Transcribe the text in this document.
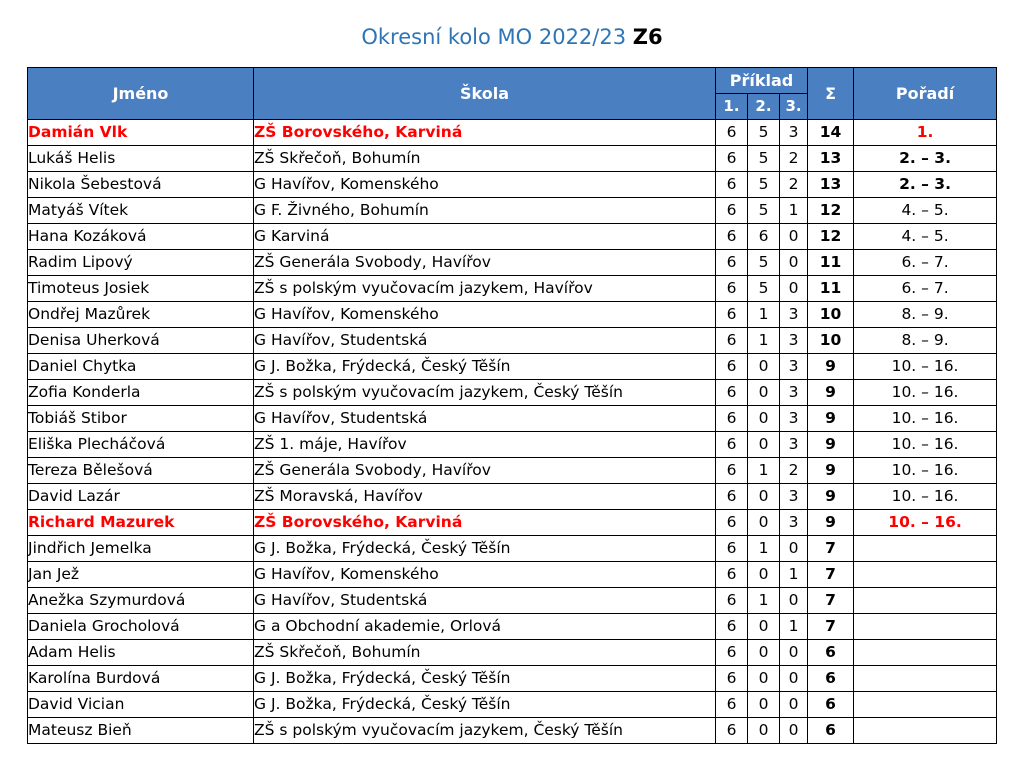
Okresní kolo MO 2022/23 Z6
Jméno	Škola	Příklad			Σ	Pořadí
		1.	2.	3.		
Damián Vlk	ZŠ Borovského, Karviná	6	5	3	14	1.
Lukáš Helis	ZŠ Skřečoň, Bohumín	6	5	2	13	2. – 3.
Nikola Šebestová	G Havířov, Komenského	6	5	2	13	2. – 3.
Matyáš Vítek	G F. Živného, Bohumín	6	5	1	12	4. – 5.
Hana Kozáková	G Karviná	6	6	0	12	4. – 5.
Radim Lipový	ZŠ Generála Svobody, Havířov	6	5	0	11	6. – 7.
Timoteus Josiek	ZŠ s polským vyučovacím jazykem, Havířov	6	5	0	11	6. – 7.
Ondřej Mazůrek	G Havířov, Komenského	6	1	3	10	8. – 9.
Denisa Uherková	G Havířov, Studentská	6	1	3	10	8. – 9.
Daniel Chytka	G J. Božka, Frýdecká, Český Těšín	6	0	3	9	10. – 16.
Zofia Konderla	ZŠ s polským vyučovacím jazykem, Český Těšín	6	0	3	9	10. – 16.
Tobiáš Stibor	G Havířov, Studentská	6	0	3	9	10. – 16.
Eliška Plecháčová	ZŠ 1. máje, Havířov	6	0	3	9	10. – 16.
Tereza Bělešová	ZŠ Generála Svobody, Havířov	6	1	2	9	10. – 16.
David Lazár	ZŠ Moravská, Havířov	6	0	3	9	10. – 16.
Richard Mazurek	ZŠ Borovského, Karviná	6	0	3	9	10. – 16.
Jindřich Jemelka	G J. Božka, Frýdecká, Český Těšín	6	1	0	7	
Jan Jež	G Havířov, Komenského	6	0	1	7	
Anežka Szymurdová	G Havířov, Studentská	6	1	0	7	
Daniela Grocholová	G a Obchodní akademie, Orlová	6	0	1	7	
Adam Helis	ZŠ Skřečoň, Bohumín	6	0	0	6	
Karolína Burdová	G J. Božka, Frýdecká, Český Těšín	6	0	0	6	
David Vician	G J. Božka, Frýdecká, Český Těšín	6	0	0	6	
Mateusz Bieň	ZŠ s polským vyučovacím jazykem, Český Těšín	6	0	0	6	
